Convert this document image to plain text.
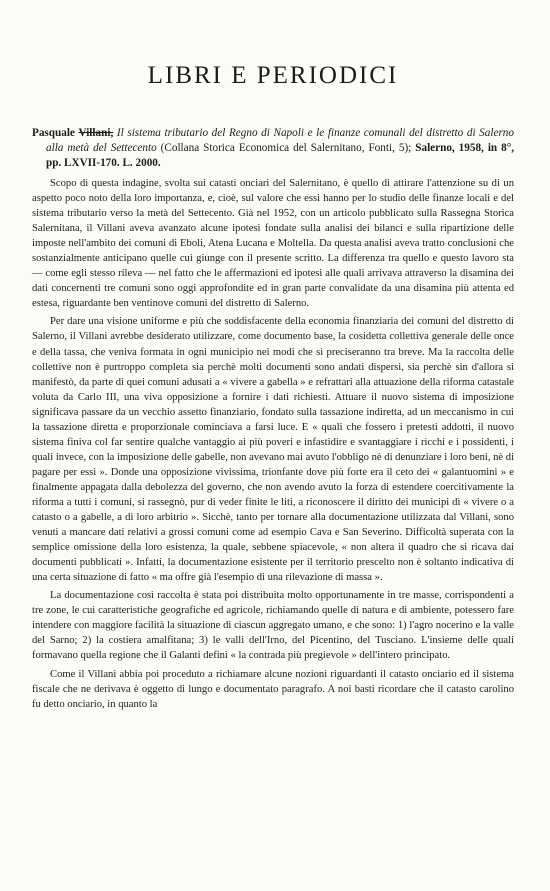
LIBRI E PERIODICI

Pasquale Villani, Il sistema tributario del Regno di Napoli e le finanze comunali del distretto di Salerno alla metà del Settecento (Collana Storica Economica del Salernitano, Fonti, 5); Salerno, 1958, in 8°, pp. LXVII-170. L. 2000.

Scopo di questa indagine, svolta sui catasti onciari del Salernitano, è quello di attirare l'attenzione su di un aspetto poco noto della loro importanza, e, cioè, sul valore che essi hanno per lo studio delle finanze locali e del sistema tributario verso la metà del Settecento. Già nel 1952, con un articolo pubblicato sulla Rassegna Storica Salernitana, il Villani aveva avanzato alcune ipotesi fondate sulla analisi dei bilanci e sulla ripartizione delle imposte nell'ambito dei comuni di Eboli, Atena Lucana e Moltella. Da questa analisi aveva tratto conclusioni che sostanzialmente anticipano quelle cui giunge con il presente scritto. La differenza tra quello e questo lavoro sta — come egli stesso rileva — nel fatto che le affermazioni ed ipotesi alle quali arrivava attraverso la disamina dei dati concernenti tre comuni sono oggi approfondite ed in gran parte convalidate da una disamina più attenta ed estesa, riguardante ben ventinove comuni del distretto di Salerno.

Per dare una visione uniforme e più che soddisfacente della economia finanziaria dei comuni del distretto di Salerno, il Villani avrebbe desiderato utilizzare, come documento base, la cosidetta collettiva generale delle once e della tassa, che veniva formata in ogni municipio nei modi che si preciseranno tra breve. Ma la raccolta delle collettive non è purtroppo completa sia perchè molti documenti sono andati dispersi, sia perchè sin d'allora si manifestò, da parte di quei comuni adusati a « vivere a gabella » e refrattari alla attuazione della riforma catastale voluta da Carlo III, una viva opposizione a fornire i dati richiesti. Attuare il nuovo sistema di imposizione significava passare da un vecchio assetto finanziario, fondato sulla tassazione indiretta, ad un meccanismo in cui la tassazione diretta e proporzionale cominciava a farsi luce. E « quali che fossero i pretesti addotti, il nuovo sistema finiva col far sentire qualche vantaggio ai più poveri e infastidire e svantaggiare i ricchi e i possidenti, i quali invece, con la imposizione delle gabelle, non avevano mai avuto l'obbligo nè di denunziare i loro beni, nè di pagare per essi ». Donde una opposizione vivissima, trionfante dove più forte era il ceto dei « galantuomini » e finalmente appagata dalla debolezza del governo, che non avendo avuto la forza di estendere coercitivamente la riforma a tutti i comuni, si rassegnò, pur di veder finite le liti, a riconoscere il diritto dei municipi di « vivere o a catasto o a gabelle, a di loro arbitrio ». Sicchè, tanto per tornare alla documentazione utilizzata dal Villani, sono venuti a mancare dati relativi a grossi comuni come ad esempio Cava e San Severino. Difficoltà superata con la semplice omissione della loro esistenza, la quale, sebbene spiacevole, « non altera il quadro che si ricava dai documenti pubblicati ». Infatti, la documentazione esistente per il territorio prescelto non è soltanto indicativa di una certa situazione di fatto « ma offre già l'esempio di una rilevazione di massa ».

La documentazione così raccolta è stata poi distribuita molto opportunamente in tre masse, corrispondenti a tre zone, le cui caratteristiche geografiche ed agricole, richiamando quelle di natura e di ambiente, potessero fare intendere con maggiore facilità la situazione di ciascun aggregato umano, e che sono: 1) l'agro nocerino e la valle del Sarno; 2) la costiera amalfitana; 3) le valli dell'Irno, del Picentino, del Tusciano. L'insieme delle quali formavano quella regione che il Galanti definì « la contrada più pregievole » dell'intero principato.

Come il Villani abbia poi proceduto a richiamare alcune nozioni riguardanti il catasto onciario ed il sistema fiscale che ne derivava è oggetto di lungo e documentato paragrafo. A noi basti ricordare che il catasto carolino fu detto onciario, in quanto la
